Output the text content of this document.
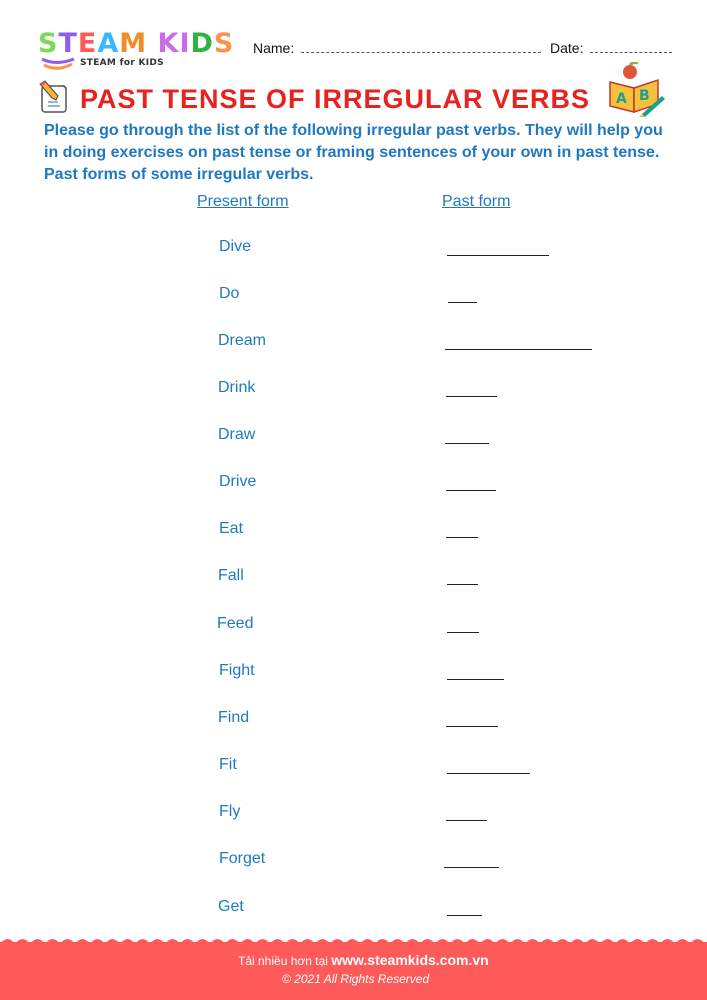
STEAM KIDS
STEAM for KIDS
Name:	Date:
PAST TENSE OF IRREGULAR VERBS A B
Please go through the list of the following irregular past verbs. They will help you in doing exercises on past tense or framing sentences of your own in past tense. Past forms of some irregular verbs.
Present form	Past form
Dive
Do
Dream
Drink
Draw
Drive
Eat
Fall
Feed
Fight
Find
Fit
Fly
Forget
Get
Tải nhiều hơn tại www.steamkids.com.vn
© 2021 All Rights Reserved
